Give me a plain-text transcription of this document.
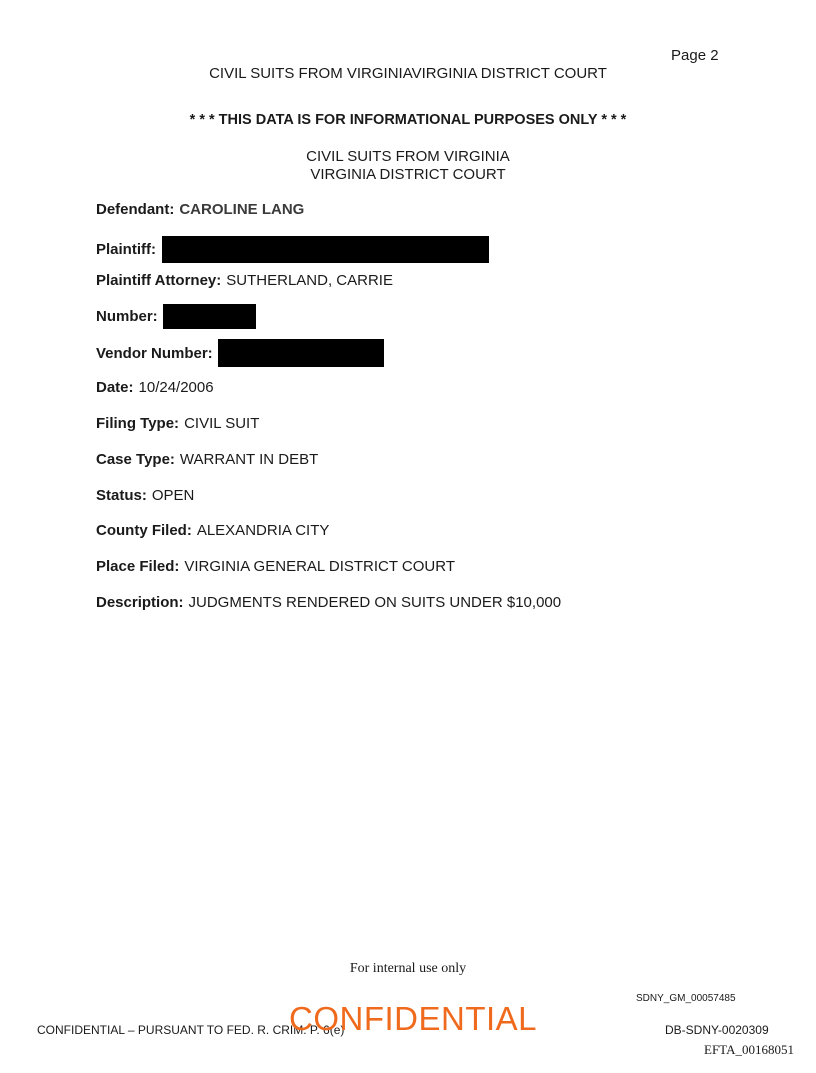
Page 2
CIVIL SUITS FROM VIRGINIAVIRGINIA DISTRICT COURT
* * * THIS DATA IS FOR INFORMATIONAL PURPOSES ONLY * * *
CIVIL SUITS FROM VIRGINIA
VIRGINIA DISTRICT COURT
Defendant: CAROLINE LANG
Plaintiff:
Plaintiff Attorney: SUTHERLAND, CARRIE
Number:
Vendor Number:
Date: 10/24/2006
Filing Type: CIVIL SUIT
Case Type: WARRANT IN DEBT
Status: OPEN
County Filed: ALEXANDRIA CITY
Place Filed: VIRGINIA GENERAL DISTRICT COURT
Description: JUDGMENTS RENDERED ON SUITS UNDER $10,000
For internal use only
SDNY_GM_00057485
CONFIDENTIAL – PURSUANT TO FED. R. CRIM. P. 6(e)
CONFIDENTIAL	DB-SDNY-0020309
EFTA_00168051
